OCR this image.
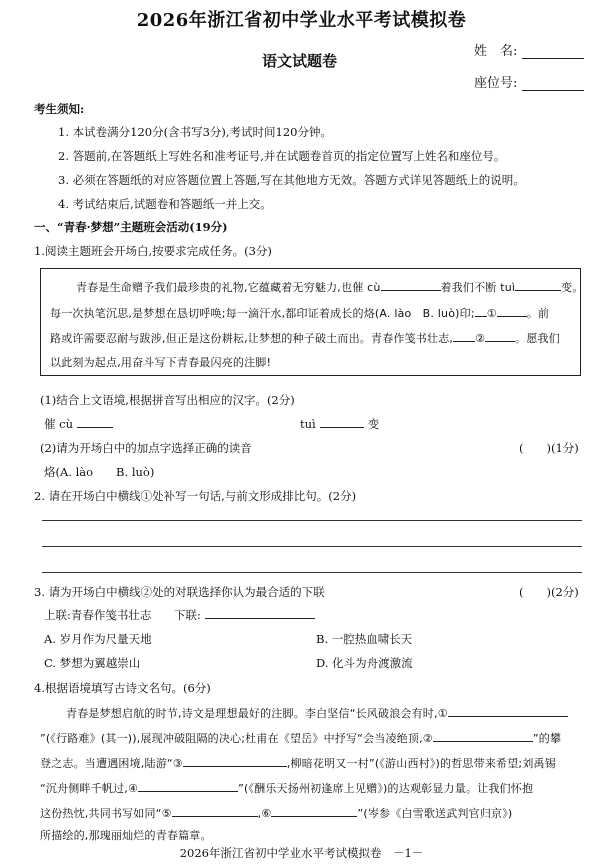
2026年浙江省初中学业水平考试模拟卷
语文试题卷
姓　名:
座位号:
考生须知:
1. 本试卷满分120分(含书写3分),考试时间120分钟。
2. 答题前,在答题纸上写姓名和准考证号,并在试题卷首页的指定位置写上姓名和座位号。
3. 必须在答题纸的对应答题位置上答题,写在其他地方无效。答题方式详见答题纸上的说明。
4. 考试结束后,试题卷和答题纸一并上交。
一、“青春·梦想”主题班会活动(19分)
1.阅读主题班会开场白,按要求完成任务。(3分)
青春是生命赠予我们最珍贵的礼物,它蕴藏着无穷魅力,也催 cù	着我们不断 tuì	变。
每一次执笔沉思,是梦想在恳切呼唤;每一滴汗水,都印证着成长的烙(A. lào　B. luò)印; ①	。前
路或许需要忍耐与跋涉,但正是这份耕耘,让梦想的种子破土而出。青春作笺书壮志, ②	。愿我们
以此刻为起点,用奋斗写下青春最闪亮的注脚!
(1)结合上文语境,根据拼音写出相应的汉字。(2分)
催 cù	tuì	变
(2)请为开场白中的加点字选择正确的读音	(　　)(1分)
烙(A. lào　　B. luò)
2. 请在开场白中横线①处补写一句话,与前文形成排比句。(2分)
3. 请为开场白中横线②处的对联选择你认为最合适的下联	(　　)(2分)
上联:青春作笺书壮志 下联:
A. 岁月作为尺量天地	B. 一腔热血啸长天
C. 梦想为翼越崇山	D. 化斗为舟渡激流
4.根据语境填写古诗文名句。(6分)
青春是梦想启航的时节,诗文是理想最好的注脚。李白坚信“长风破浪会有时,①
”(《行路难》(其一)),展现冲破阻隔的决心;杜甫在《望岳》中抒写“会当凌绝顶,②	”的攀
登之志。当遭遇困境,陆游“③	,柳暗花明又一村”(《游山西村》)的哲思带来希望;刘禹锡
“沉舟侧畔千帆过,④	”(《酬乐天扬州初逢席上见赠》)的达观彰显力量。让我们怀抱
这份热忱,共同书写如同“⑤	,⑥	”(岑参《白雪歌送武判官归京》)
所描绘的,那瑰丽灿烂的青春篇章。
2026年浙江省初中学业水平考试模拟卷　－1－
